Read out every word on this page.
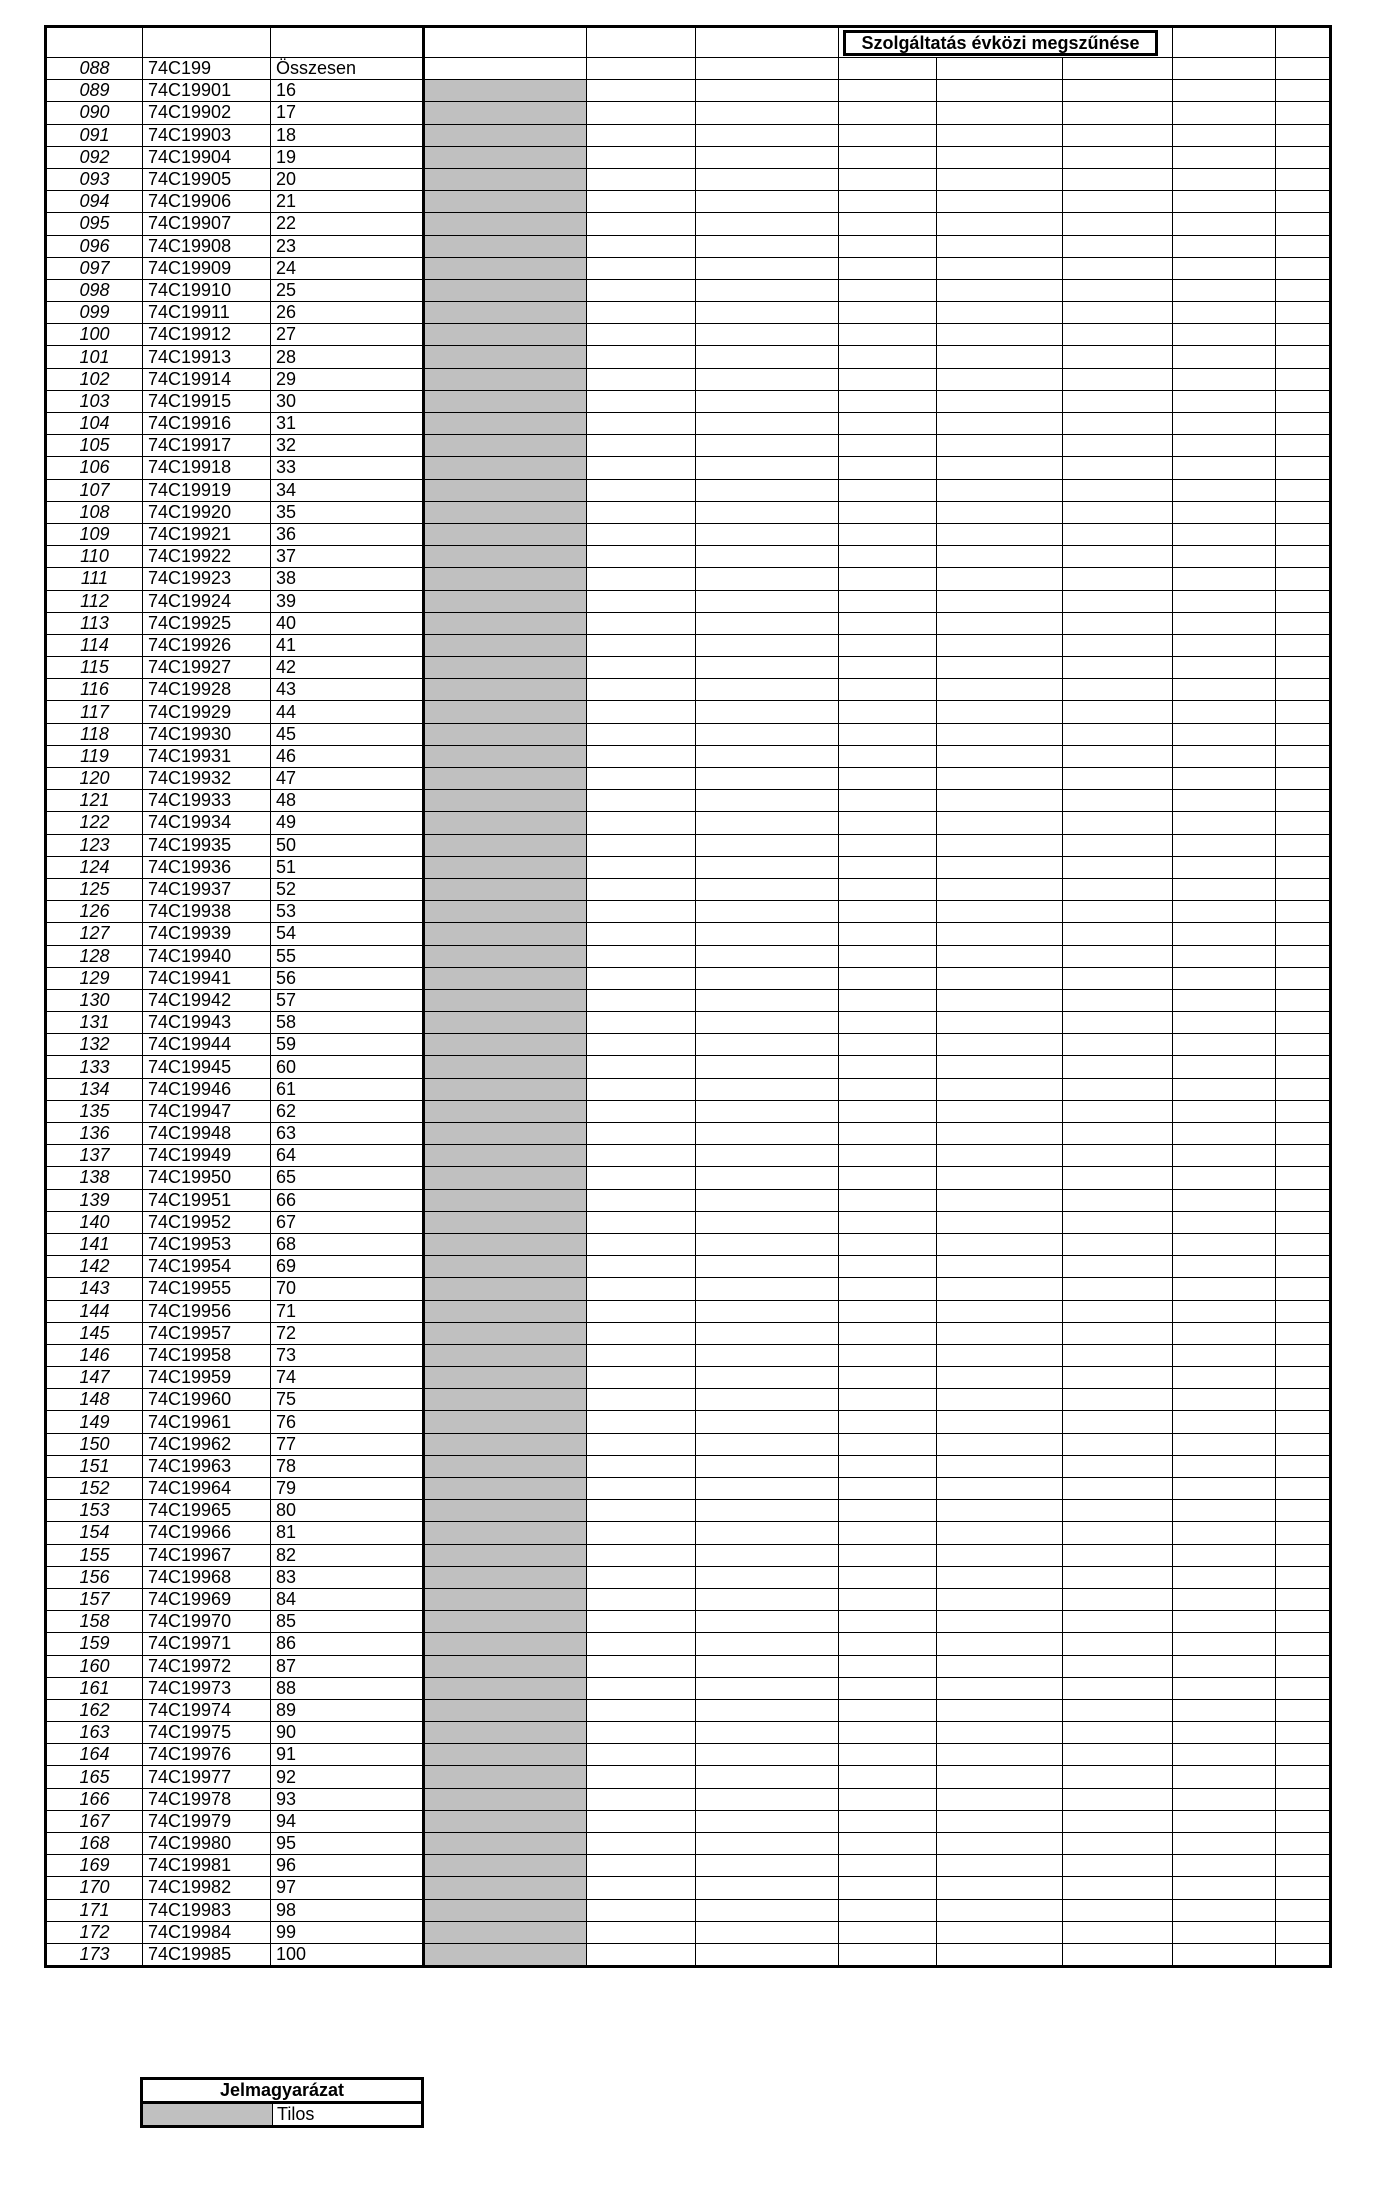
						Szolgáltatás évközi megszűnése				

088	74C199	Összesen								
089	74C19901	16								
090	74C19902	17								
091	74C19903	18								
092	74C19904	19								
093	74C19905	20								
094	74C19906	21								
095	74C19907	22								
096	74C19908	23								
097	74C19909	24								
098	74C19910	25								
099	74C19911	26								
100	74C19912	27								
101	74C19913	28								
102	74C19914	29								
103	74C19915	30								
104	74C19916	31								
105	74C19917	32								
106	74C19918	33								
107	74C19919	34								
108	74C19920	35								
109	74C19921	36								
110	74C19922	37								
111	74C19923	38								
112	74C19924	39								
113	74C19925	40								
114	74C19926	41								
115	74C19927	42								
116	74C19928	43								
117	74C19929	44								
118	74C19930	45								
119	74C19931	46								
120	74C19932	47								
121	74C19933	48								
122	74C19934	49								
123	74C19935	50								
124	74C19936	51								
125	74C19937	52								
126	74C19938	53								
127	74C19939	54								
128	74C19940	55								
129	74C19941	56								
130	74C19942	57								
131	74C19943	58								
132	74C19944	59								
133	74C19945	60								
134	74C19946	61								
135	74C19947	62								
136	74C19948	63								
137	74C19949	64								
138	74C19950	65								
139	74C19951	66								
140	74C19952	67								
141	74C19953	68								
142	74C19954	69								
143	74C19955	70								
144	74C19956	71								
145	74C19957	72								
146	74C19958	73								
147	74C19959	74								
148	74C19960	75								
149	74C19961	76								
150	74C19962	77								
151	74C19963	78								
152	74C19964	79								
153	74C19965	80								
154	74C19966	81								
155	74C19967	82								
156	74C19968	83								
157	74C19969	84								
158	74C19970	85								
159	74C19971	86								
160	74C19972	87								
161	74C19973	88								
162	74C19974	89								
163	74C19975	90								
164	74C19976	91								
165	74C19977	92								
166	74C19978	93								
167	74C19979	94								
168	74C19980	95								
169	74C19981	96								
170	74C19982	97								
171	74C19983	98								
172	74C19984	99								
173	74C19985	100								
Jelmagyarázat
	Tilos
